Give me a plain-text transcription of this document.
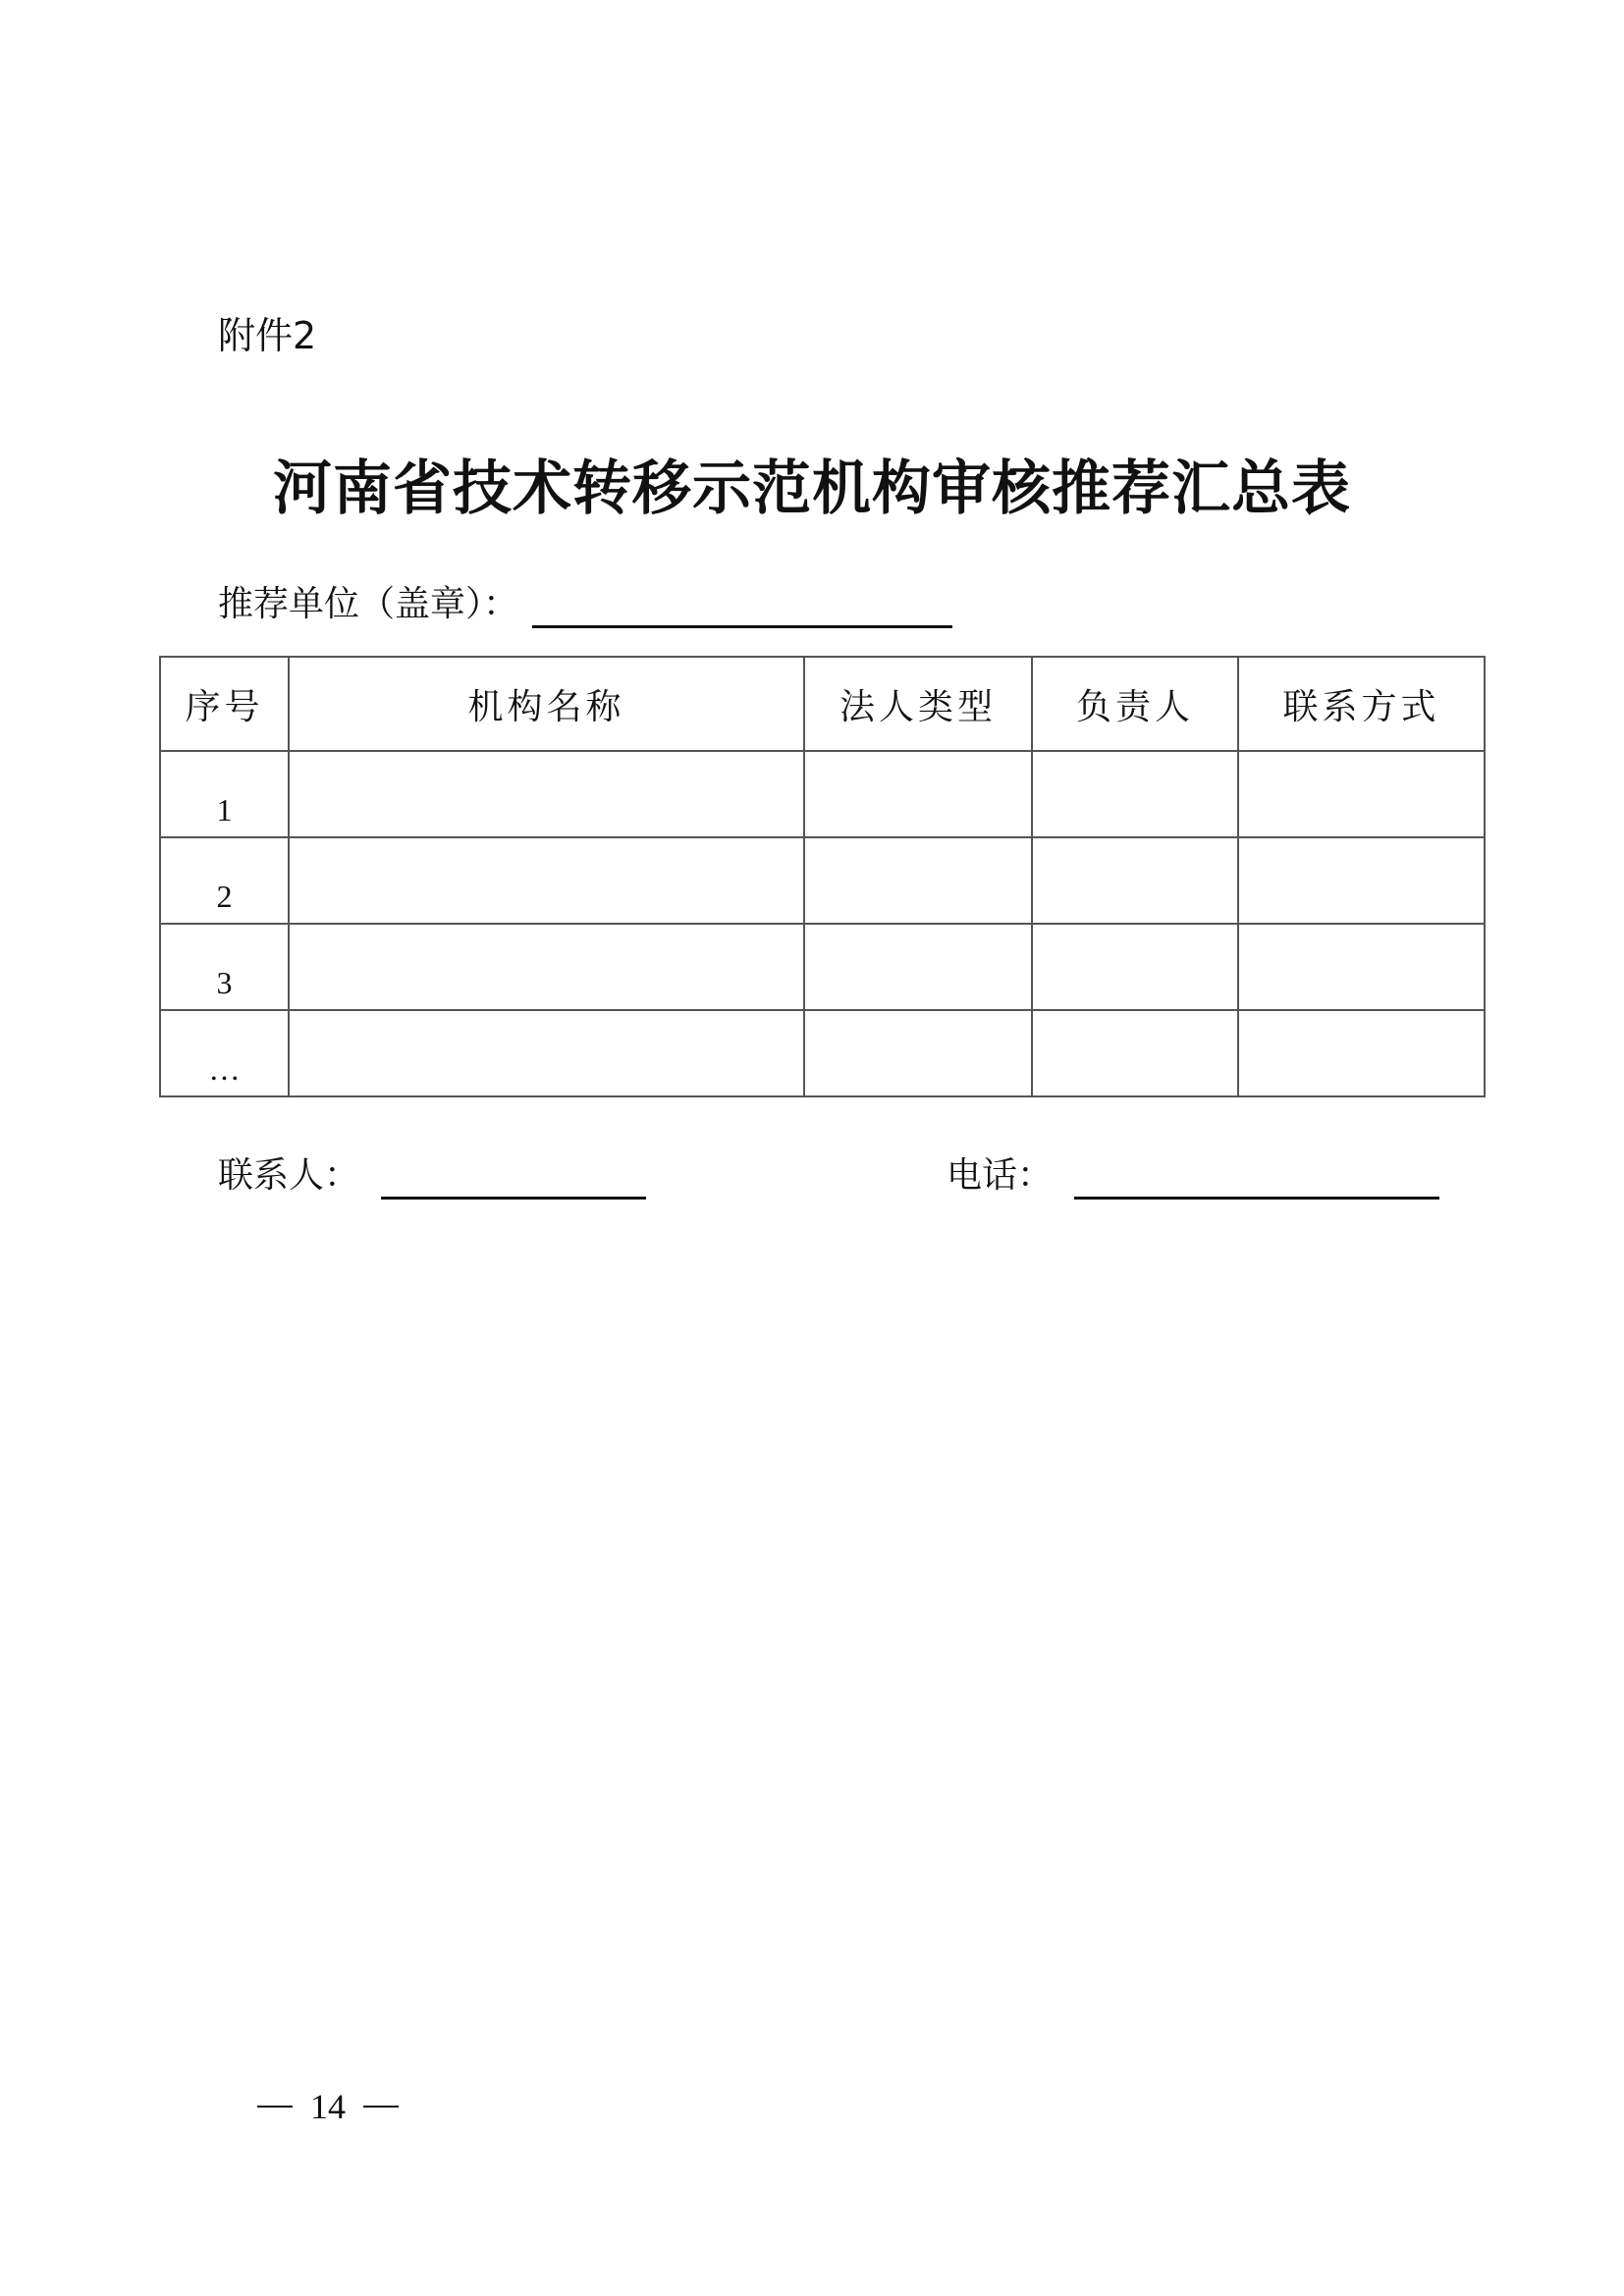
附件2
河南省技术转移示范机构审核推荐汇总表
推荐单位（盖章）：
序号	机构名称	法人类型	负责人	联系方式
1				
2				
3				
…				
联系人：	电话：
14
